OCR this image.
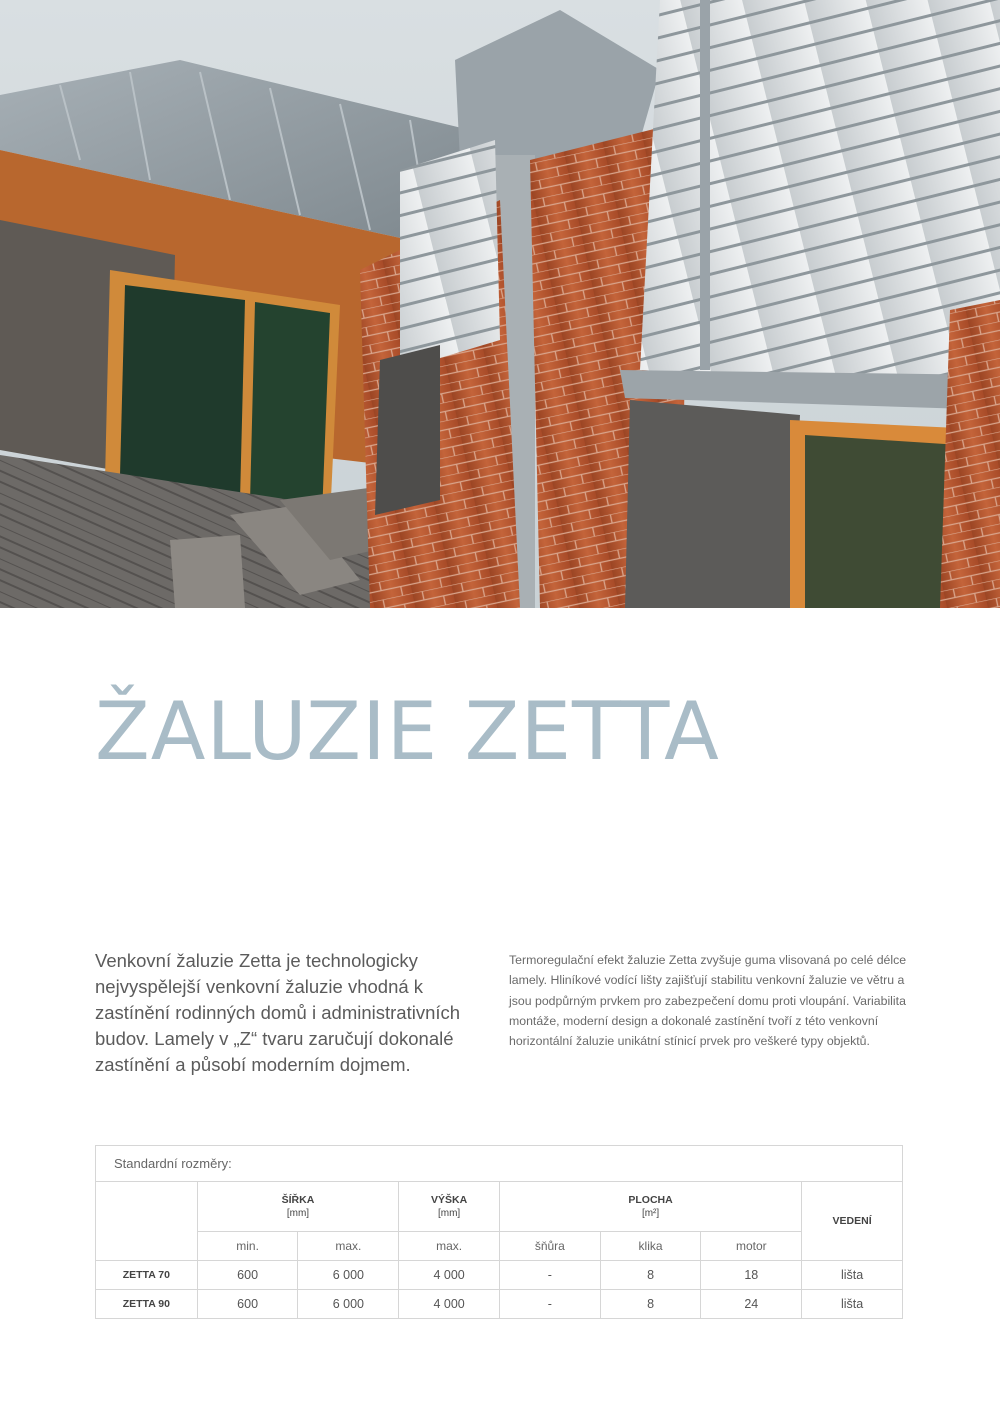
ŽALUZIE ZETTA

Venkovní žaluzie Zetta je technologicky nejvyspělejší venkovní žaluzie vhodná k zastínění rodinných domů i administrativních budov. Lamely v „Z“ tvaru zaručují dokonalé zastínění a působí moderním dojmem.

Termoregulační efekt žaluzie Zetta zvyšuje guma vlisovaná po celé délce lamely. Hliníkové vodící lišty zajišťují stabilitu venkovní žaluzie ve větru a jsou podpůrným prvkem pro zabezpečení domu proti vloupání. Variabilita montáže, moderní design a dokonalé zastínění tvoří z této venkovní horizontální žaluzie unikátní stínicí prvek pro veškeré typy objektů.

Standardní rozměry:							
	ŠÍŘKA
[mm]		VÝŠKA
[mm]	PLOCHA
[m²]			VEDENÍ
	min.	max.	max.	šňůra	klika	motor	
ZETTA 70	600	6 000	4 000	-	8	18	lišta
ZETTA 90	600	6 000	4 000	-	8	24	lišta
